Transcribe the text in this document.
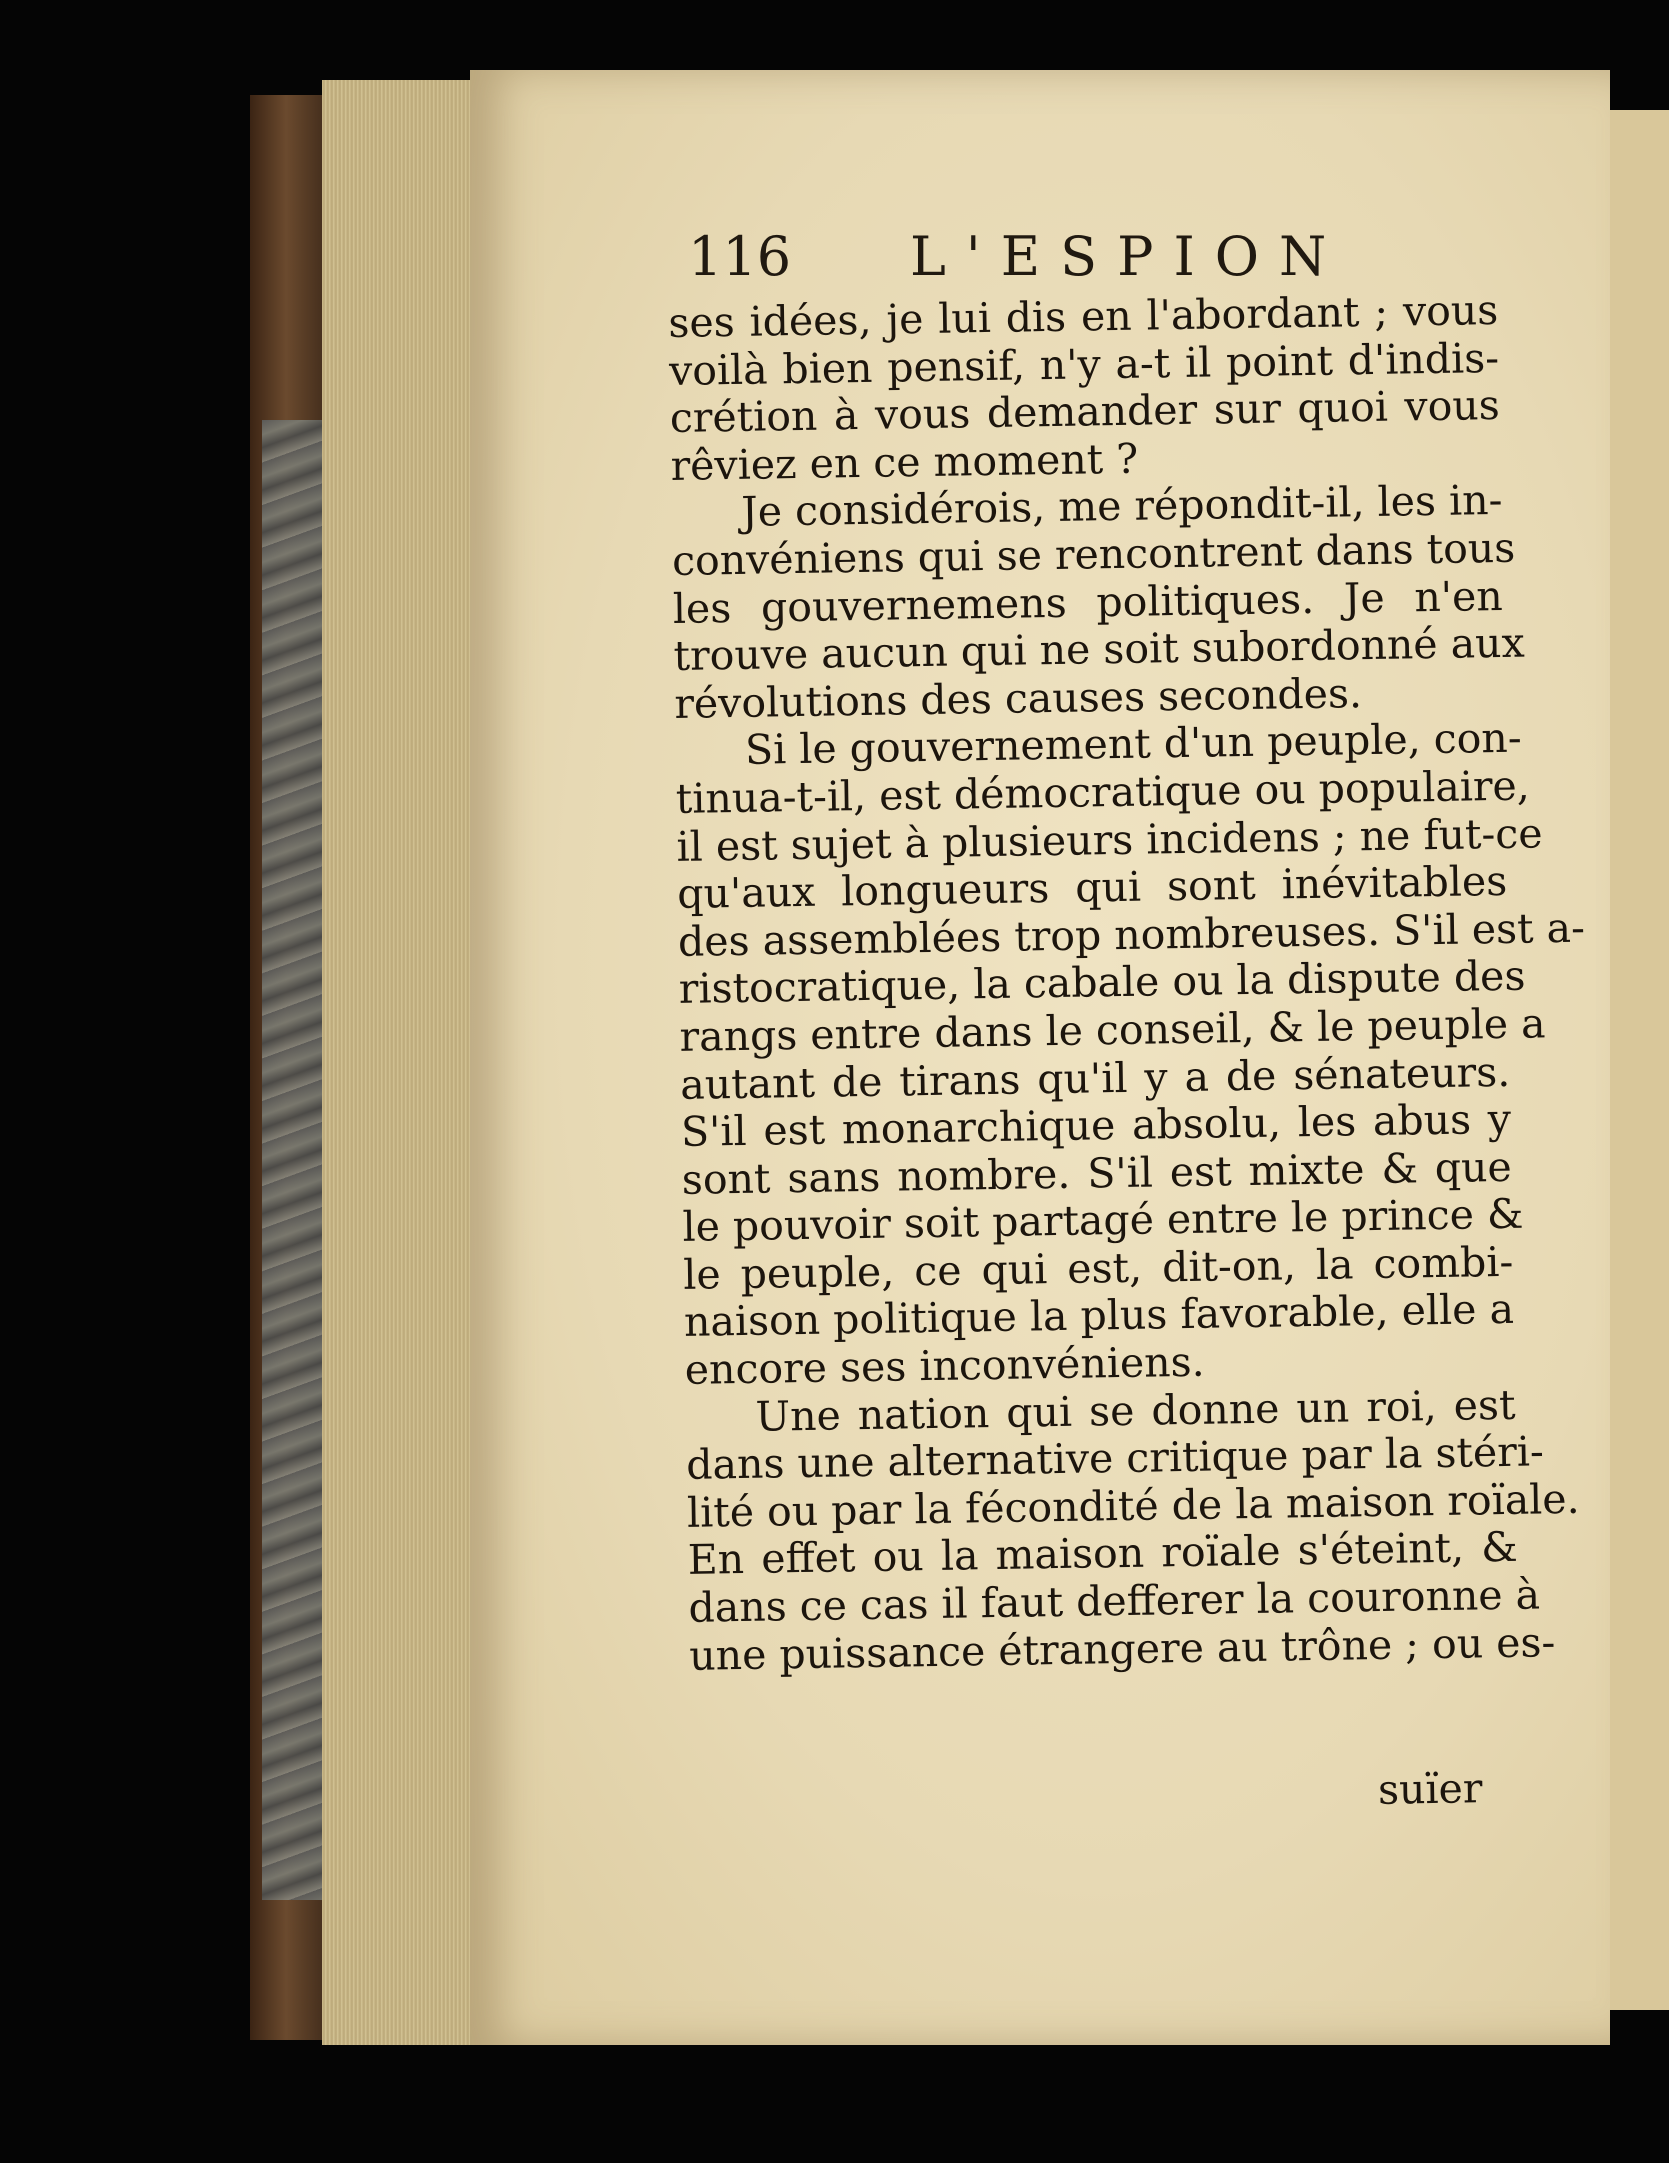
116 L'ESPION
ses idées, je lui dis en l'abordant ; vous
voilà bien pensif, n'y a-t il point d'indis-
crétion à vous demander sur quoi vous
rêviez en ce moment ?
Je considérois, me répondit-il, les in-
convéniens qui se rencontrent dans tous
les gouvernemens politiques. Je n'en
trouve aucun qui ne soit subordonné aux
révolutions des causes secondes.
Si le gouvernement d'un peuple, con-
tinua-t-il, est démocratique ou populaire,
il est sujet à plusieurs incidens ; ne fut-ce
qu'aux longueurs qui sont inévitables
des assemblées trop nombreuses. S'il est a-
ristocratique, la cabale ou la dispute des
rangs entre dans le conseil, & le peuple a
autant de tirans qu'il y a de sénateurs.
S'il est monarchique absolu, les abus y
sont sans nombre. S'il est mixte & que
le pouvoir soit partagé entre le prince &
le peuple, ce qui est, dit-on, la combi-
naison politique la plus favorable, elle a
encore ses inconvéniens.
Une nation qui se donne un roi, est
dans une alternative critique par la stéri-
lité ou par la fécondité de la maison roïale.
En effet ou la maison roïale s'éteint, &
dans ce cas il faut defferer la couronne à
une puissance étrangere au trône ; ou es-
suïer
